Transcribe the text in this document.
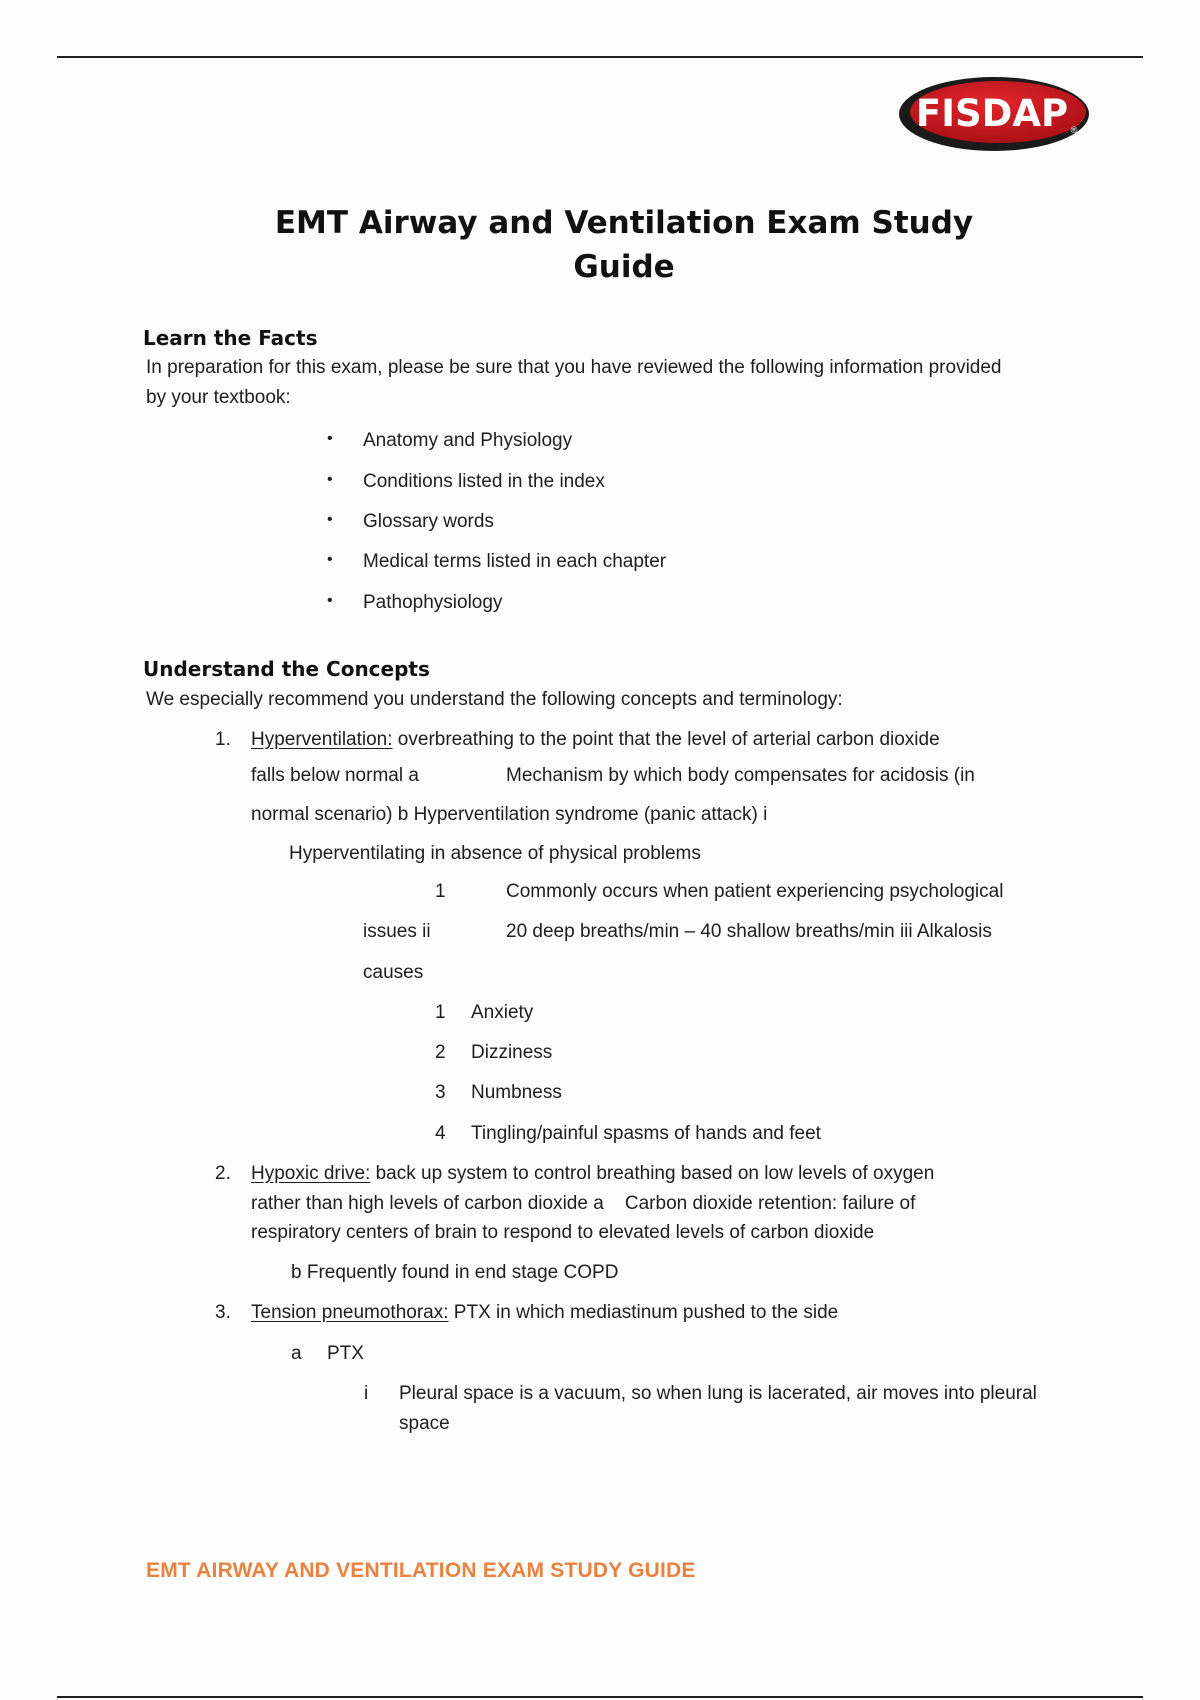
FISDAP ®
EMT Airway and Ventilation Exam Study
Guide
Learn the Facts
In preparation for this exam, please be sure that you have reviewed the following information provided
by your textbook:
• Anatomy and Physiology
• Conditions listed in the index
• Glossary words
• Medical terms listed in each chapter
• Pathophysiology
Understand the Concepts
We especially recommend you understand the following concepts and terminology:
1. Hyperventilation: overbreathing to the point that the level of arterial carbon dioxide
falls below normal a	Mechanism by which body compensates for acidosis (in
normal scenario) b Hyperventilation syndrome (panic attack) i
Hyperventilating in absence of physical problems
1	Commonly occurs when patient experiencing psychological
issues ii	20 deep breaths/min – 40 shallow breaths/min iii Alkalosis
causes
1 Anxiety
2 Dizziness
3 Numbness
4 Tingling/painful spasms of hands and feet
2. Hypoxic drive: back up system to control breathing based on low levels of oxygen
rather than high levels of carbon dioxide a    Carbon dioxide retention: failure of
respiratory centers of brain to respond to elevated levels of carbon dioxide
b Frequently found in end stage COPD
3. Tension pneumothorax: PTX in which mediastinum pushed to the side
a PTX
i Pleural space is a vacuum, so when lung is lacerated, air moves into pleural
space
EMT AIRWAY AND VENTILATION EXAM STUDY GUIDE
